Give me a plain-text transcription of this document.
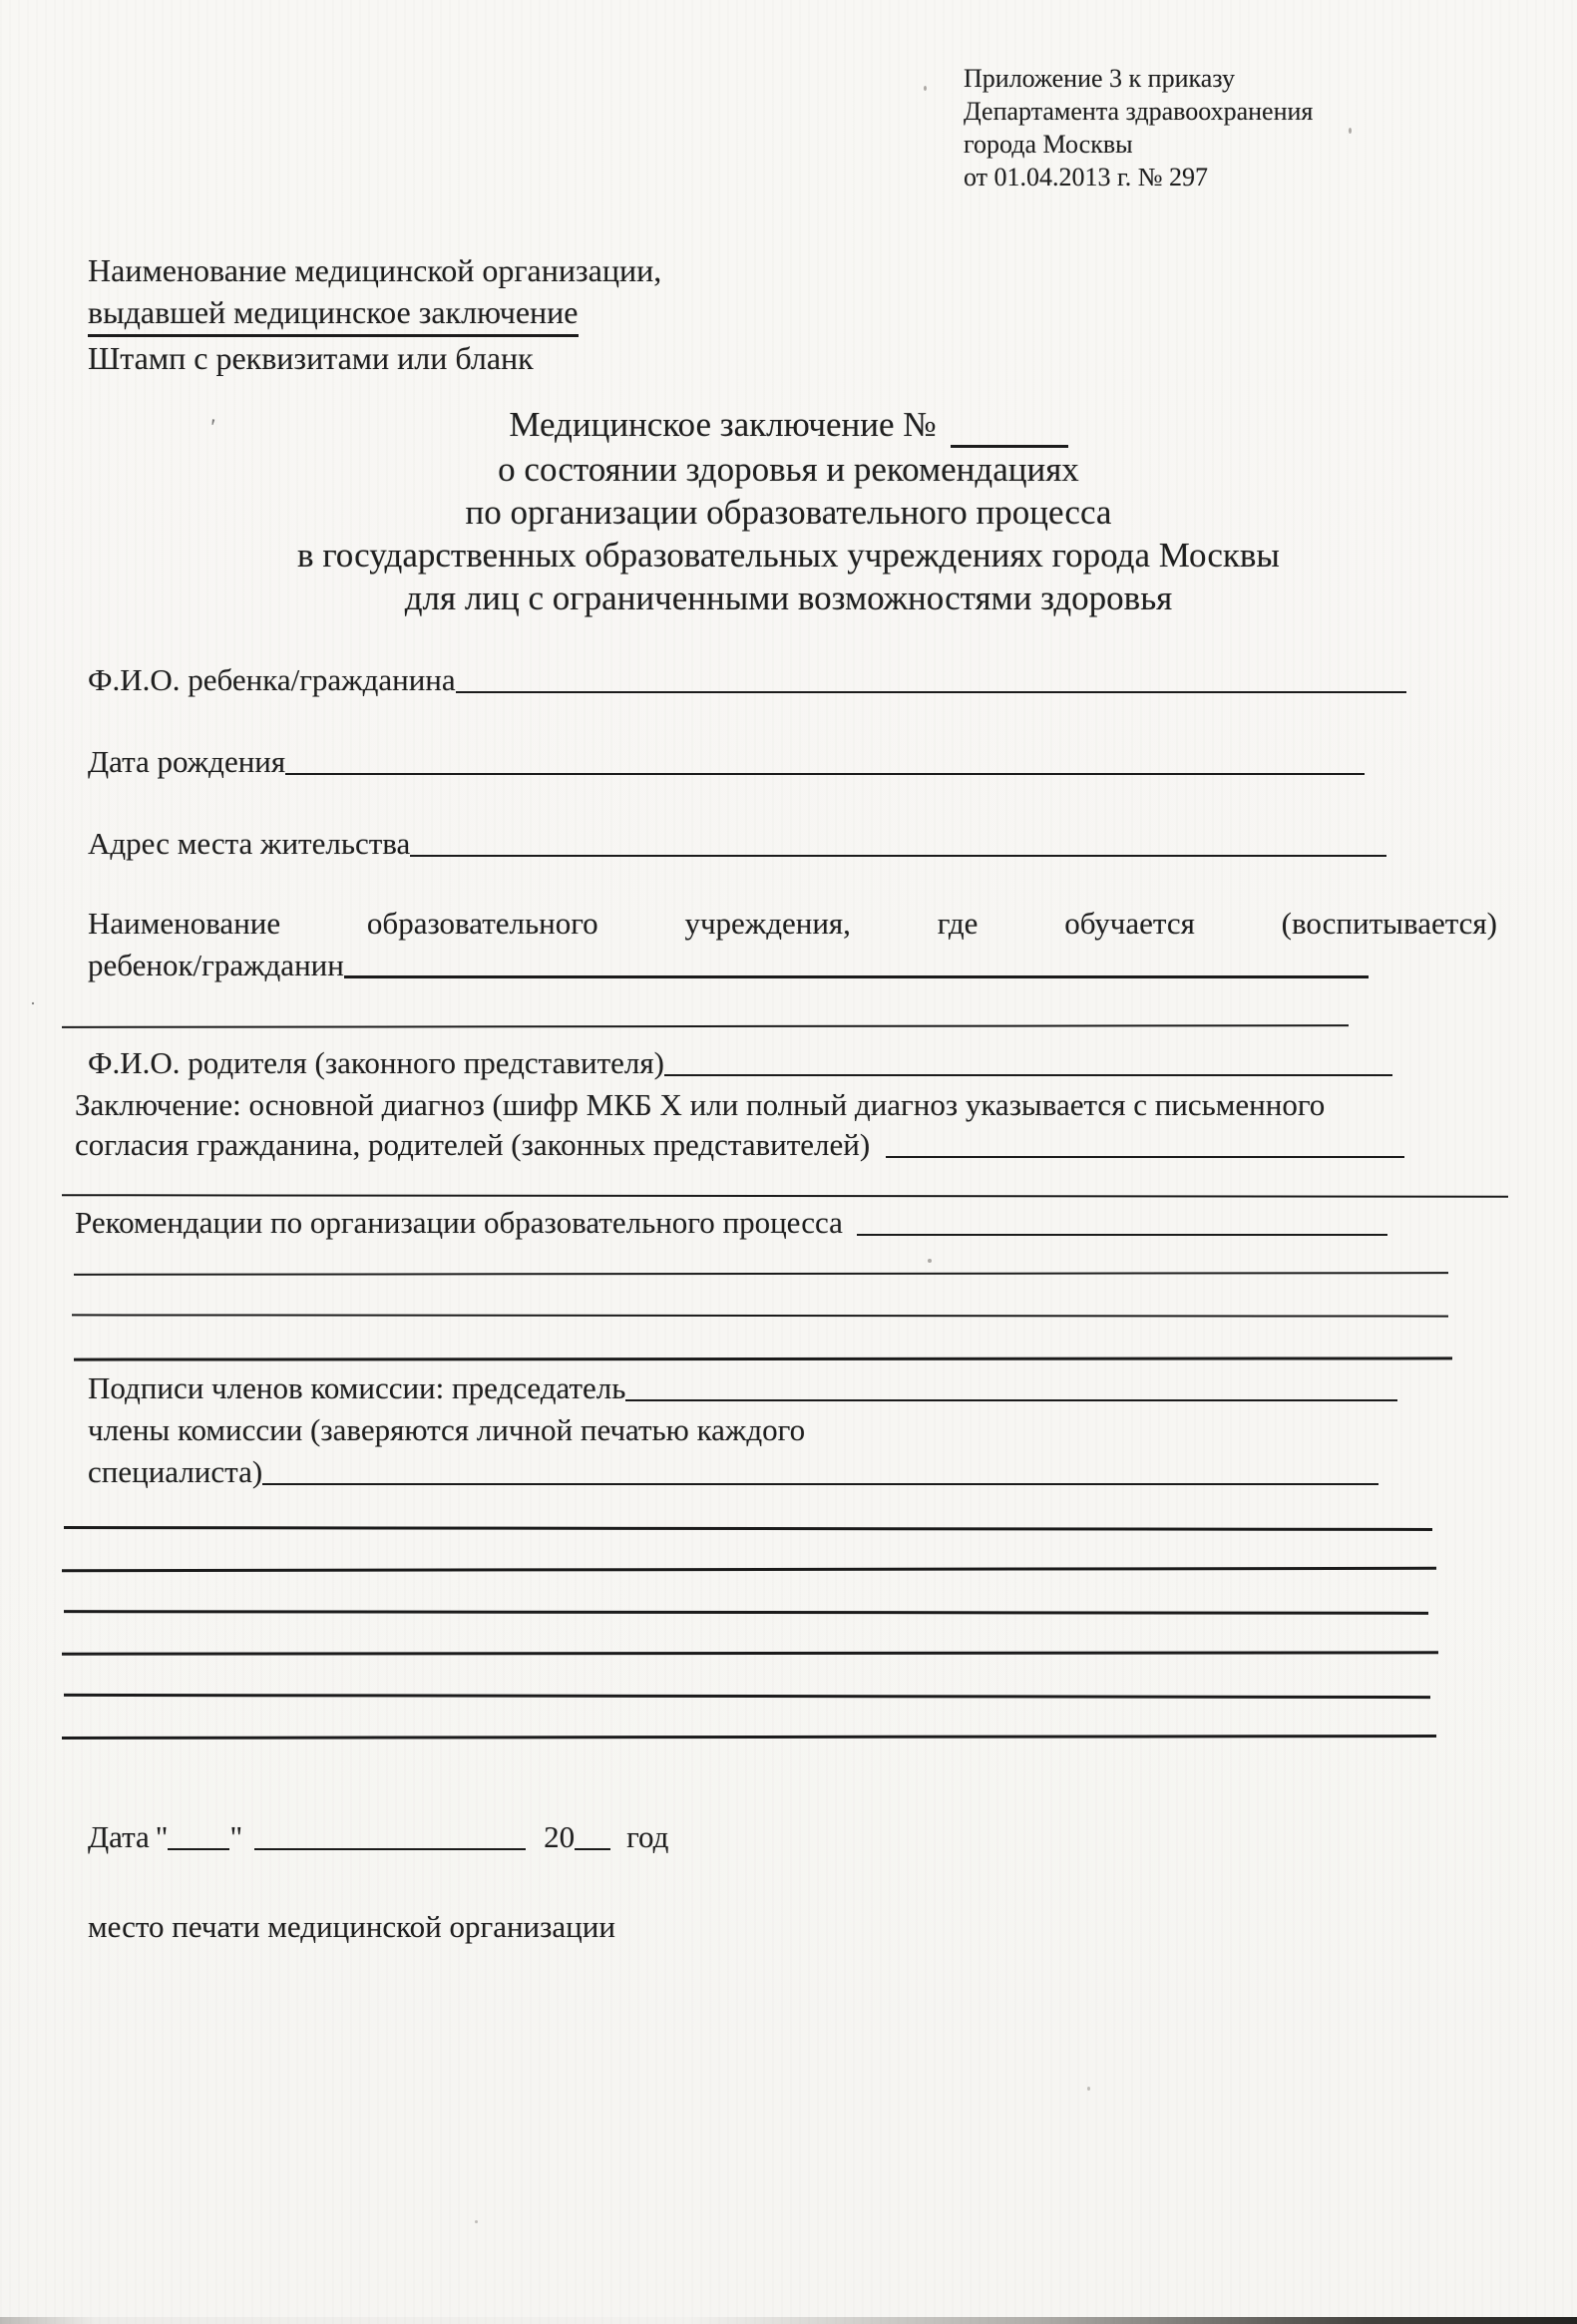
Приложение 3 к приказу
Департамента здравоохранения
города Москвы
от 01.04.2013 г. № 297
Наименование медицинской организации,
выдавшей медицинское заключение
Штамп с реквизитами или бланк
Медицинское заключение №
о состоянии здоровья и рекомендациях
по организации образовательного процесса
в государственных образовательных учреждениях города Москвы
для лиц с ограниченными возможностями здоровья
Ф.И.О. ребенка/гражданина
Дата рождения
Адрес места жительства
Наименование	образовательного	учреждения,	где	обучается	(воспитывается)
ребенок/гражданин
Ф.И.О. родителя (законного представителя)
Заключение: основной диагноз (шифр МКБ X или полный диагноз указывается с письменного
согласия гражданина, родителей (законных представителей)
Рекомендации по организации образовательного процесса
Подписи членов комиссии: председатель
члены комиссии (заверяются личной печатью каждого
специалиста)
Дата " "	20 год
место печати медицинской организации
'
·
